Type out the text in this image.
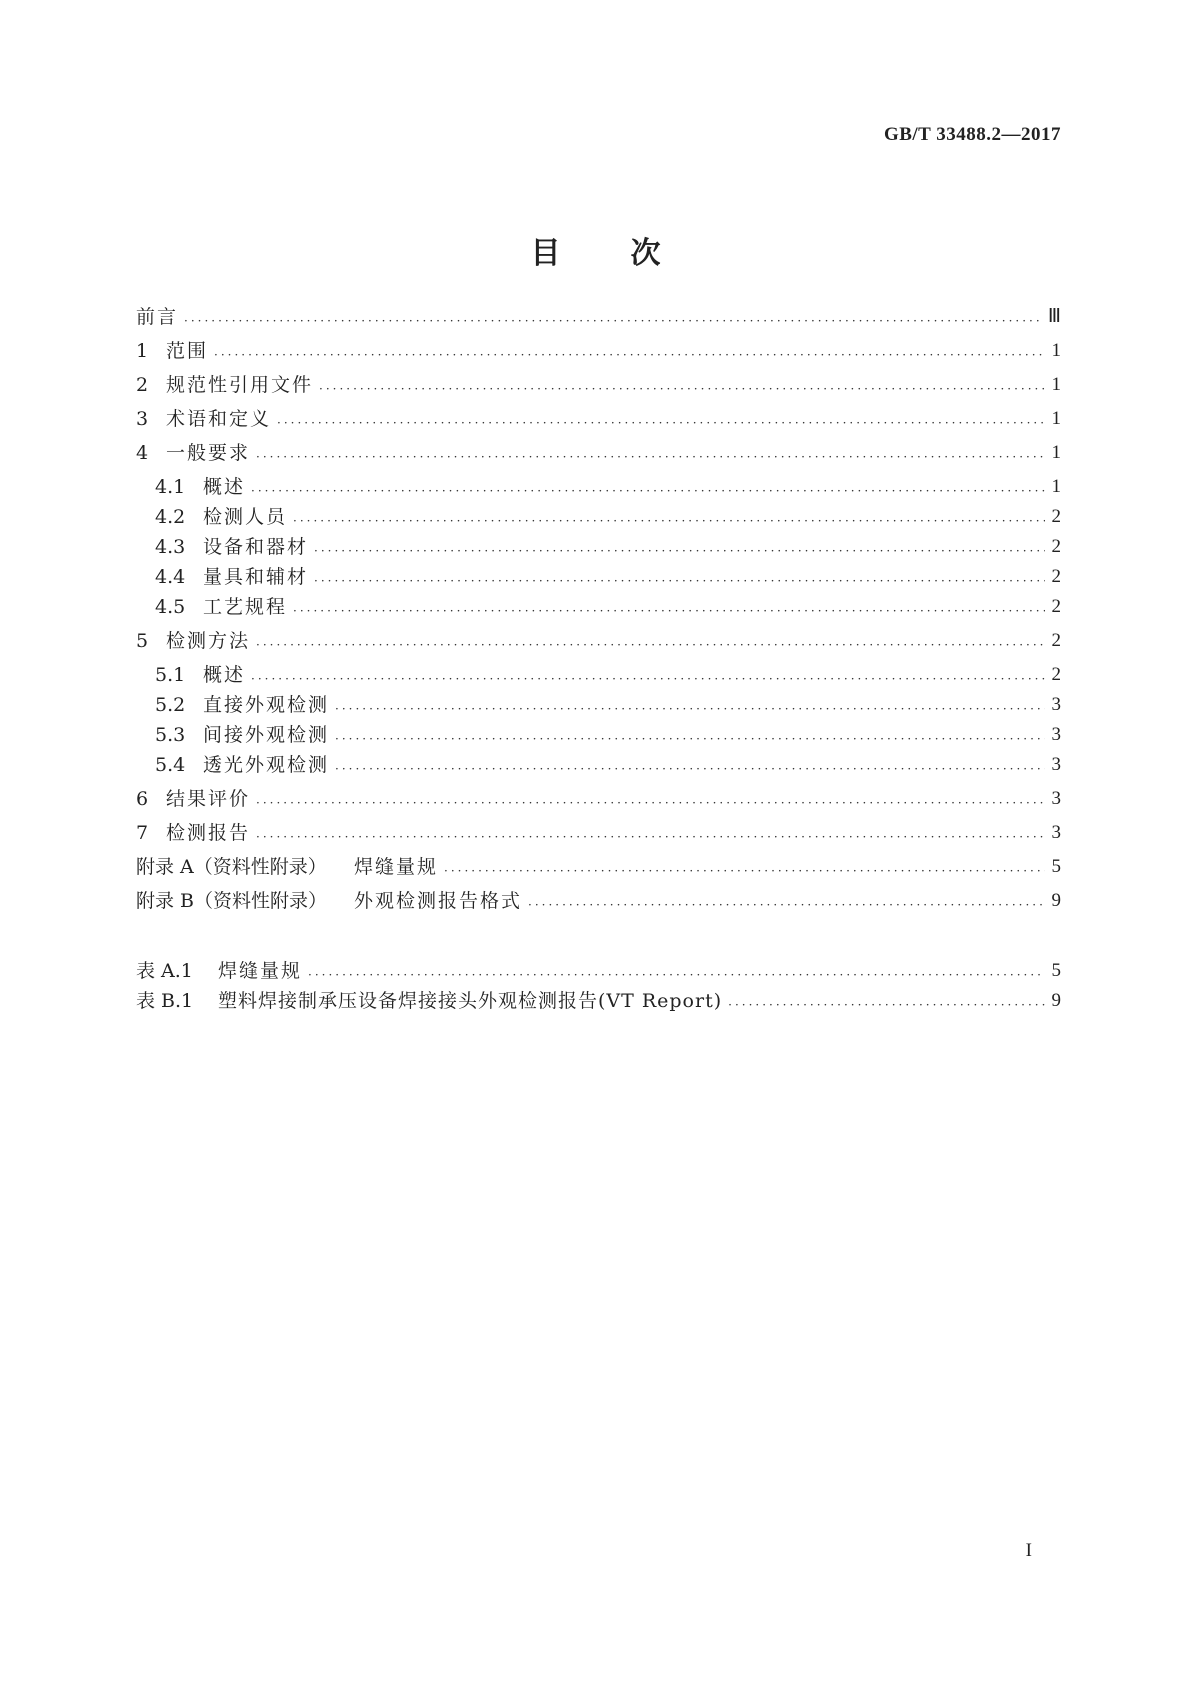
GB/T 33488.2—2017
目 次
前言 ·····	Ⅲ
1 范围 ·····	1
2 规范性引用文件 ·····	1
3 术语和定义 ·····	1
4 一般要求 ·····	1
4.1 概述 ·····	1
4.2 检测人员 ·····	2
4.3 设备和器材 ·····	2
4.4 量具和辅材 ·····	2
4.5 工艺规程 ·····	2
5 检测方法 ·····	2
5.1 概述 ·····	2
5.2 直接外观检测 ·····	3
5.3 间接外观检测 ·····	3
5.4 透光外观检测 ·····	3
6 结果评价 ·····	3
7 检测报告 ·····	3
附录 A（资料性附录）	焊缝量规 ·····	5
附录 B（资料性附录）	外观检测报告格式 ·····	9
表 A.1	焊缝量规 ·····	5
表 B.1	塑料焊接制承压设备焊接接头外观检测报告(VT Report) ·····	9
I
